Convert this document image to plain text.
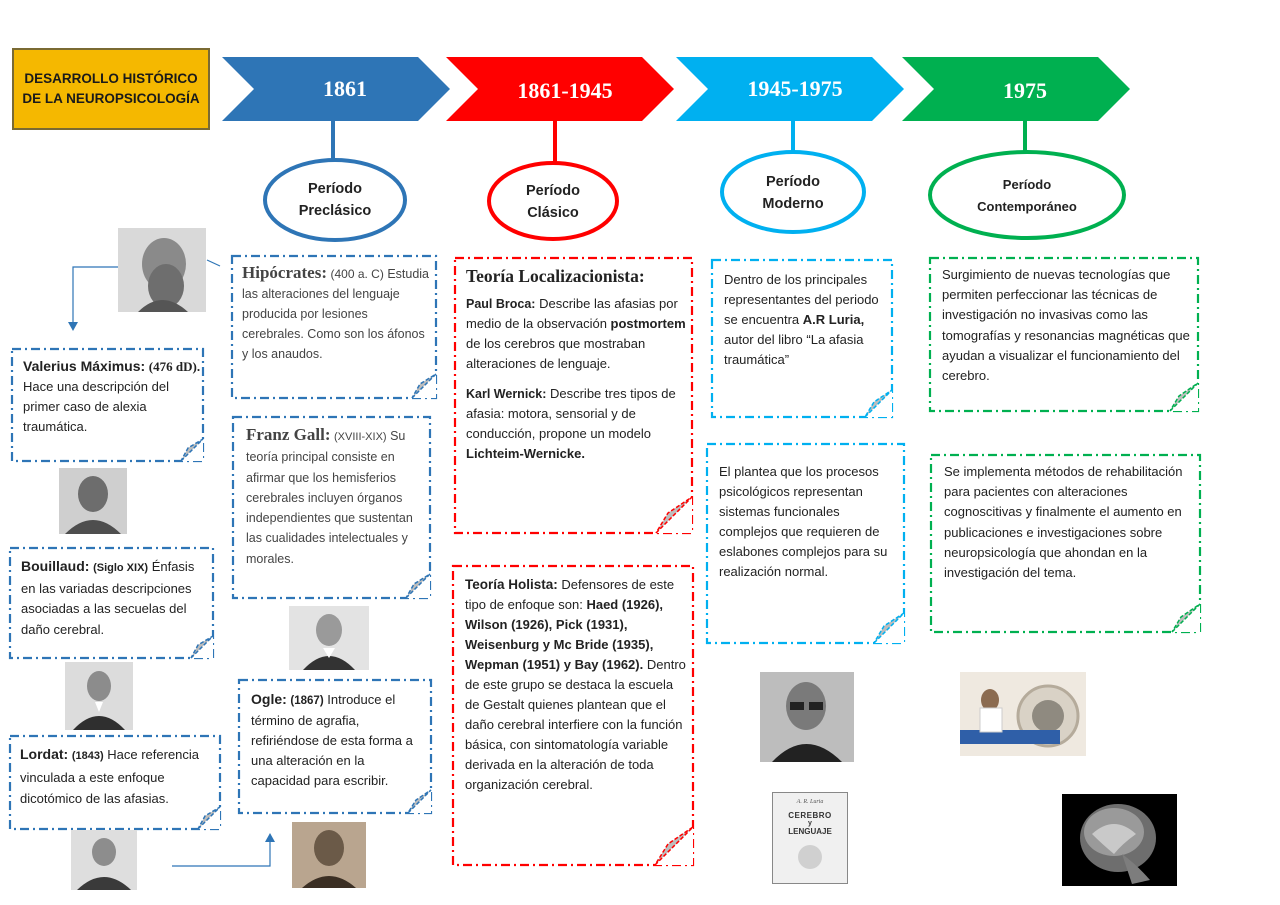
DESARROLLO HISTÓRICO DE LA NEUROPSICOLOGÍA	1861	1861-1945	1945-1975	1975
Período
Preclásico
Período
Clásico
Período
Moderno
Período
Contemporáneo
Hipócrates: (400 a. C) Estudia las alteraciones del lenguaje producida por lesiones cerebrales. Como son los áfonos y los anaudos.
Valerius Máximus: (476 dD). Hace una descripción del primer caso de alexia traumática.	Franz Gall: (XVIII-XIX) Su teoría principal consiste en afirmar que los hemisferios cerebrales incluyen órganos independientes que sustentan las cualidades intelectuales y morales.
Bouillaud: (Siglo XIX) Énfasis en las variadas descripciones asociadas a las secuelas del daño cerebral.
Ogle: (1867) Introduce el término de agrafia, refiriéndose de esta forma a una alteración en la capacidad para escribir.
Lordat: (1843) Hace referencia vinculada a este enfoque dicotómico de las afasias.
Teoría Localizacionista:
Paul Broca: Describe las afasias por medio de la observación postmortem de los cerebros que mostraban alteraciones de lenguaje.
Karl Wernick: Describe tres tipos de afasia: motora, sensorial y de conducción, propone un modelo Lichteim-Wernicke.
Teoría Holista: Defensores de este tipo de enfoque son: Haed (1926), Wilson (1926), Pick (1931), Weisenburg y Mc Bride (1935), Wepman (1951) y Bay (1962). Dentro de este grupo se destaca la escuela de Gestalt quienes plantean que el daño cerebral interfiere con la función básica, con sintomatología variable derivada en la alteración de toda organización cerebral.
Dentro de los principales representantes del periodo se encuentra A.R Luria, autor del libro “La afasia traumática”
El plantea que los procesos psicológicos representan sistemas funcionales complejos que requieren de eslabones complejos para su realización normal.
Surgimiento de nuevas tecnologías que permiten perfeccionar las técnicas de investigación no invasivas como las tomografías y resonancias magnéticas que ayudan a visualizar el funcionamiento del cerebro.
Se implementa métodos de rehabilitación para pacientes con alteraciones cognoscitivas y finalmente el aumento en publicaciones e investigaciones sobre neuropsicología que ahondan en la investigación del tema.
A. R. Luria
CEREBRO
y
LENGUAJE
